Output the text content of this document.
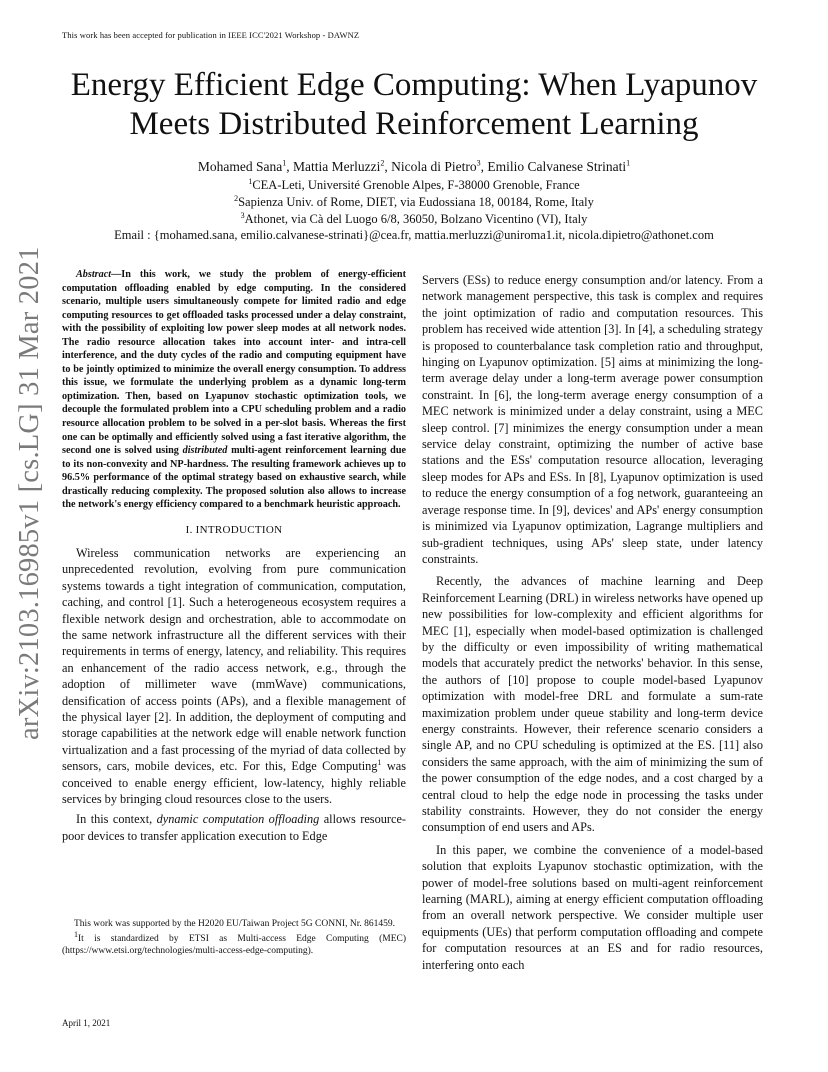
This work has been accepted for publication in IEEE ICC'2021 Workshop - DAWNZ
arXiv:2103.16985v1 [cs.LG] 31 Mar 2021
Energy Efficient Edge Computing: When Lyapunov Meets Distributed Reinforcement Learning
Mohamed Sana$^1$, Mattia Merluzzi$^2$, Nicola di Pietro$^3$, Emilio Calvanese Strinati$^1$
$^1$CEA-Leti, Université Grenoble Alpes, F-38000 Grenoble, France
$^2$Sapienza Univ. of Rome, DIET, via Eudossiana 18, 00184, Rome, Italy
$^3$Athonet, via Cà del Luogo 6/8, 36050, Bolzano Vicentino (VI), Italy
Email : {mohamed.sana, emilio.calvanese-strinati}@cea.fr, mattia.merluzzi@uniroma1.it, nicola.dipietro@athonet.com

Abstract—In this work, we study the problem of energy-efficient computation offloading enabled by edge computing. In the considered scenario, multiple users simultaneously compete for limited radio and edge computing resources to get offloaded tasks processed under a delay constraint, with the possibility of exploiting low power sleep modes at all network nodes. The radio resource allocation takes into account inter- and intra-cell interference, and the duty cycles of the radio and computing equipment have to be jointly optimized to minimize the overall energy consumption. To address this issue, we formulate the underlying problem as a dynamic long-term optimization. Then, based on Lyapunov stochastic optimization tools, we decouple the formulated problem into a CPU scheduling problem and a radio resource allocation problem to be solved in a per-slot basis. Whereas the first one can be optimally and efficiently solved using a fast iterative algorithm, the second one is solved using distributed multi-agent reinforcement learning due to its non-convexity and NP-hardness. The resulting framework achieves up to 96.5% performance of the optimal strategy based on exhaustive search, while drastically reducing complexity. The proposed solution also allows to increase the network's energy efficiency compared to a benchmark heuristic approach.

I. INTRODUCTION

Wireless communication networks are experiencing an unprecedented revolution, evolving from pure communication systems towards a tight integration of communication, computation, caching, and control [1]. Such a heterogeneous ecosystem requires a flexible network design and orchestration, able to accommodate on the same network infrastructure all the different services with their requirements in terms of energy, latency, and reliability. This requires an enhancement of the radio access network, e.g., through the adoption of millimeter wave (mmWave) communications, densification of access points (APs), and a flexible management of the physical layer [2]. In addition, the deployment of computing and storage capabilities at the network edge will enable network function virtualization and a fast processing of the myriad of data collected by sensors, cars, mobile devices, etc. For this, Edge Computing$^1$ was conceived to enable energy efficient, low-latency, highly reliable services by bringing cloud resources close to the users.

In this context, dynamic computation offloading allows resource-poor devices to transfer application execution to Edge

Servers (ESs) to reduce energy consumption and/or latency. From a network management perspective, this task is complex and requires the joint optimization of radio and computation resources. This problem has received wide attention [3]. In [4], a scheduling strategy is proposed to counterbalance task completion ratio and throughput, hinging on Lyapunov optimization. [5] aims at minimizing the long-term average delay under a long-term average power consumption constraint. In [6], the long-term average energy consumption of a MEC network is minimized under a delay constraint, using a MEC sleep control. [7] minimizes the energy consumption under a mean service delay constraint, optimizing the number of active base stations and the ESs' computation resource allocation, leveraging sleep modes for APs and ESs. In [8], Lyapunov optimization is used to reduce the energy consumption of a fog network, guaranteeing an average response time. In [9], devices' and APs' energy consumption is minimized via Lyapunov optimization, Lagrange multipliers and sub-gradient techniques, using APs' sleep state, under latency constraints.

Recently, the advances of machine learning and Deep Reinforcement Learning (DRL) in wireless networks have opened up new possibilities for low-complexity and efficient algorithms for MEC [1], especially when model-based optimization is challenged by the difficulty or even impossibility of writing mathematical models that accurately predict the networks' behavior. In this sense, the authors of [10] propose to couple model-based Lyapunov optimization with model-free DRL and formulate a sum-rate maximization problem under queue stability and long-term device energy constraints. However, their reference scenario considers a single AP, and no CPU scheduling is optimized at the ES. [11] also considers the same approach, with the aim of minimizing the sum of the power consumption of the edge nodes, and a cost charged by a central cloud to help the edge node in processing the tasks under stability constraints. However, they do not consider the energy consumption of end users and APs.

In this paper, we combine the convenience of a model-based solution that exploits Lyapunov stochastic optimization, with the power of model-free solutions based on multi-agent reinforcement learning (MARL), aiming at energy efficient computation offloading from an overall network perspective. We consider multiple user equipments (UEs) that perform computation offloading and compete for computation resources at an ES and for radio resources, interfering onto each

This work was supported by the H2020 EU/Taiwan Project 5G CONNI, Nr. 861459.

$^1$It is standardized by ETSI as Multi-access Edge Computing (MEC) (https://www.etsi.org/technologies/multi-access-edge-computing).

April 1, 2021
